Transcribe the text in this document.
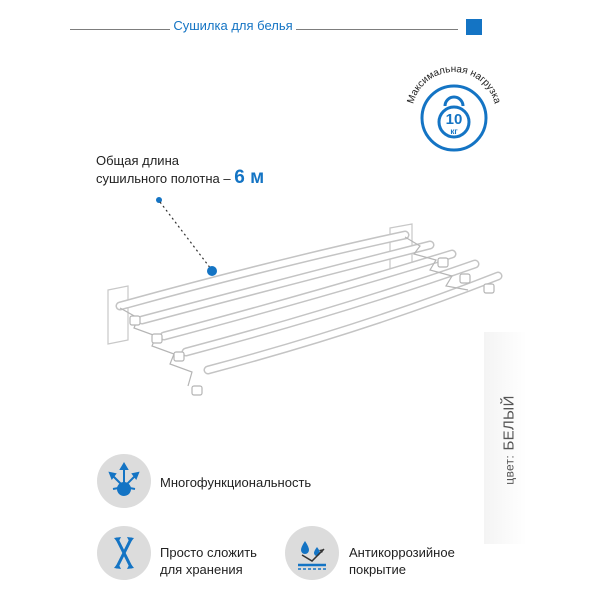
Сушилка для белья
Максимальная нагрузка
10
кг
Общая длина
сушильного полотна – 6 м
цвет: БЕЛЫЙ
Многофункциональность
Просто сложить
для хранения
Антикоррозийное
покрытие
